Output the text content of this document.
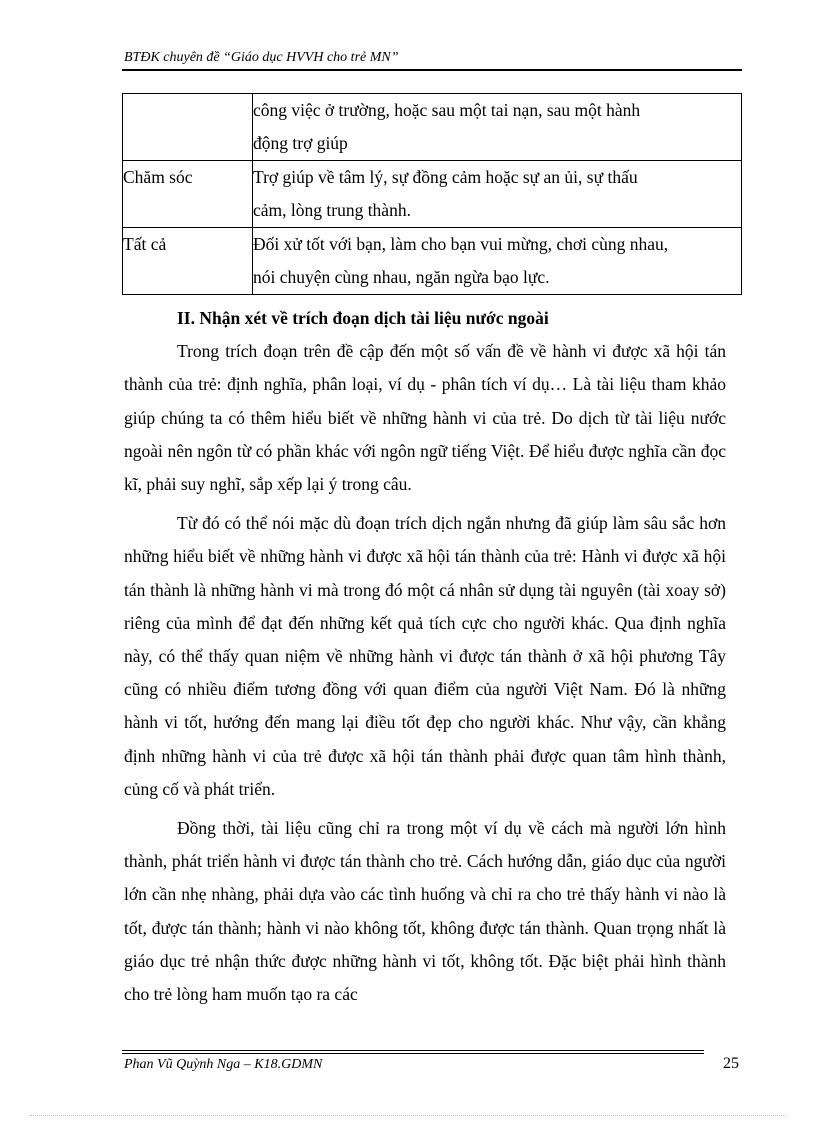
BTĐK chuyên đề “Giáo dục HVVH cho trẻ MN”

	công việc ở trường, hoặc sau một tai nạn, sau một hành
động trợ giúp

Chăm sóc	Trợ giúp về tâm lý, sự đồng cảm hoặc sự an ủi, sự thấu
cảm, lòng trung thành.

Tất cả	Đối xử tốt với bạn, làm cho bạn vui mừng, chơi cùng nhau,
nói chuyện cùng nhau, ngăn ngừa bạo lực.

II. Nhận xét về trích đoạn dịch tài liệu nước ngoài

Trong trích đoạn trên đề cập đến một số vấn đề về hành vi được xã hội tán thành của trẻ: định nghĩa, phân loại, ví dụ - phân tích ví dụ… Là tài liệu tham khảo giúp chúng ta có thêm hiểu biết về những hành vi của trẻ. Do dịch từ tài liệu nước ngoài nên ngôn từ có phần khác với ngôn ngữ tiếng Việt. Để hiểu được nghĩa cần đọc kĩ, phải suy nghĩ, sắp xếp lại ý trong câu.

Từ đó có thể nói mặc dù đoạn trích dịch ngắn nhưng đã giúp làm sâu sắc hơn những hiểu biết về những hành vi được xã hội tán thành của trẻ: Hành vi được xã hội tán thành là những hành vi mà trong đó một cá nhân sử dụng tài nguyên (tài xoay sở) riêng của mình để đạt đến những kết quả tích cực cho người khác. Qua định nghĩa này, có thể thấy quan niệm về những hành vi được tán thành ở xã hội phương Tây cũng có nhiều điểm tương đồng với quan điểm của người Việt Nam. Đó là những hành vi tốt, hướng đến mang lại điều tốt đẹp cho người khác. Như vậy, cần khẳng định những hành vi của trẻ được xã hội tán thành phải được quan tâm hình thành, củng cố và phát triển.

Đồng thời, tài liệu cũng chỉ ra trong một ví dụ về cách mà người lớn hình thành, phát triển hành vi được tán thành cho trẻ. Cách hướng dẫn, giáo dục của người lớn cần nhẹ nhàng, phải dựa vào các tình huống và chỉ ra cho trẻ thấy hành vi nào là tốt, được tán thành; hành vi nào không tốt, không được tán thành. Quan trọng nhất là giáo dục trẻ nhận thức được những hành vi tốt, không tốt. Đặc biệt phải hình thành cho trẻ lòng ham muốn tạo ra các

Phan Vũ Quỳnh Nga – K18.GDMN	25
